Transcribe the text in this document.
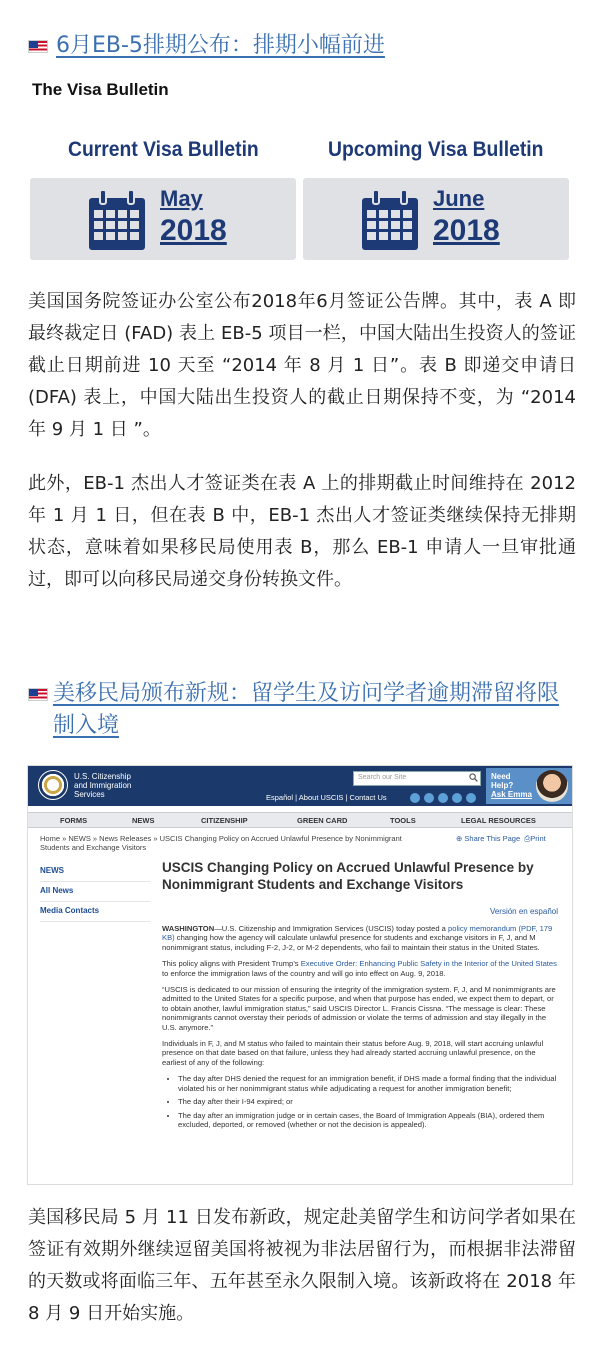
6月EB-5排期公布：排期小幅前进
The Visa Bulletin
Current Visa Bulletin	Upcoming Visa Bulletin
May
2018
June
2018
美国国务院签证办公室公布2018年6月签证公告牌。其中，表 A 即最终裁定日 (FAD) 表上 EB-5 项目一栏，中国大陆出生投资人的签证截止日期前进 10 天至 “2014 年 8 月 1 日”。表 B 即递交申请日 (DFA) 表上，中国大陆出生投资人的截止日期保持不变，为 “2014 年 9 月 1 日 ”。
此外，EB-1 杰出人才签证类在表 A 上的排期截止时间维持在 2012 年 1 月 1 日，但在表 B 中，EB-1 杰出人才签证类继续保持无排期状态，意味着如果移民局使用表 B，那么 EB-1 申请人一旦审批通过，即可以向移民局递交身份转换文件。
美移民局颁布新规：留学生及访问学者逾期滞留将限制入境
U.S. Citizenship
and Immigration
Services
Search our Site
Español | About USCIS | Contact Us
Need
Help?
Ask Emma
FORMS	NEWS	CITIZENSHIP	GREEN CARD	TOOLS	LEGAL RESOURCES
Home » NEWS » News Releases » USCIS Changing Policy on Accrued Unlawful Presence by Nonimmigrant Students and Exchange Visitors
⊕ Share This Page ⎙Print
NEWS
All News
Media Contacts
USCIS Changing Policy on Accrued Unlawful Presence by Nonimmigrant Students and Exchange Visitors
Versión en español

WASHINGTON—U.S. Citizenship and Immigration Services (USCIS) today posted a policy memorandum (PDF, 179 KB) changing how the agency will calculate unlawful presence for students and exchange visitors in F, J, and M nonimmigrant status, including F-2, J-2, or M-2 dependents, who fail to maintain their status in the United States.

This policy aligns with President Trump’s Executive Order: Enhancing Public Safety in the Interior of the United States to enforce the immigration laws of the country and will go into effect on Aug. 9, 2018.

“USCIS is dedicated to our mission of ensuring the integrity of the immigration system. F, J, and M nonimmigrants are admitted to the United States for a specific purpose, and when that purpose has ended, we expect them to depart, or to obtain another, lawful immigration status,” said USCIS Director L. Francis Cissna. “The message is clear: These nonimmigrants cannot overstay their periods of admission or violate the terms of admission and stay illegally in the U.S. anymore.”

Individuals in F, J, and M status who failed to maintain their status before Aug. 9, 2018, will start accruing unlawful presence on that date based on that failure, unless they had already started accruing unlawful presence, on the earliest of any of the following:

• The day after DHS denied the request for an immigration benefit, if DHS made a formal finding that the individual violated his or her nonimmigrant status while adjudicating a request for another immigration benefit;
• The day after their I-94 expired; or
• The day after an immigration judge or in certain cases, the Board of Immigration Appeals (BIA), ordered them excluded, deported, or removed (whether or not the decision is appealed).
美国移民局 5 月 11 日发布新政，规定赴美留学生和访问学者如果在签证有效期外继续逗留美国将被视为非法居留行为，而根据非法滞留的天数或将面临三年、五年甚至永久限制入境。该新政将在 2018 年 8 月 9 日开始实施。
